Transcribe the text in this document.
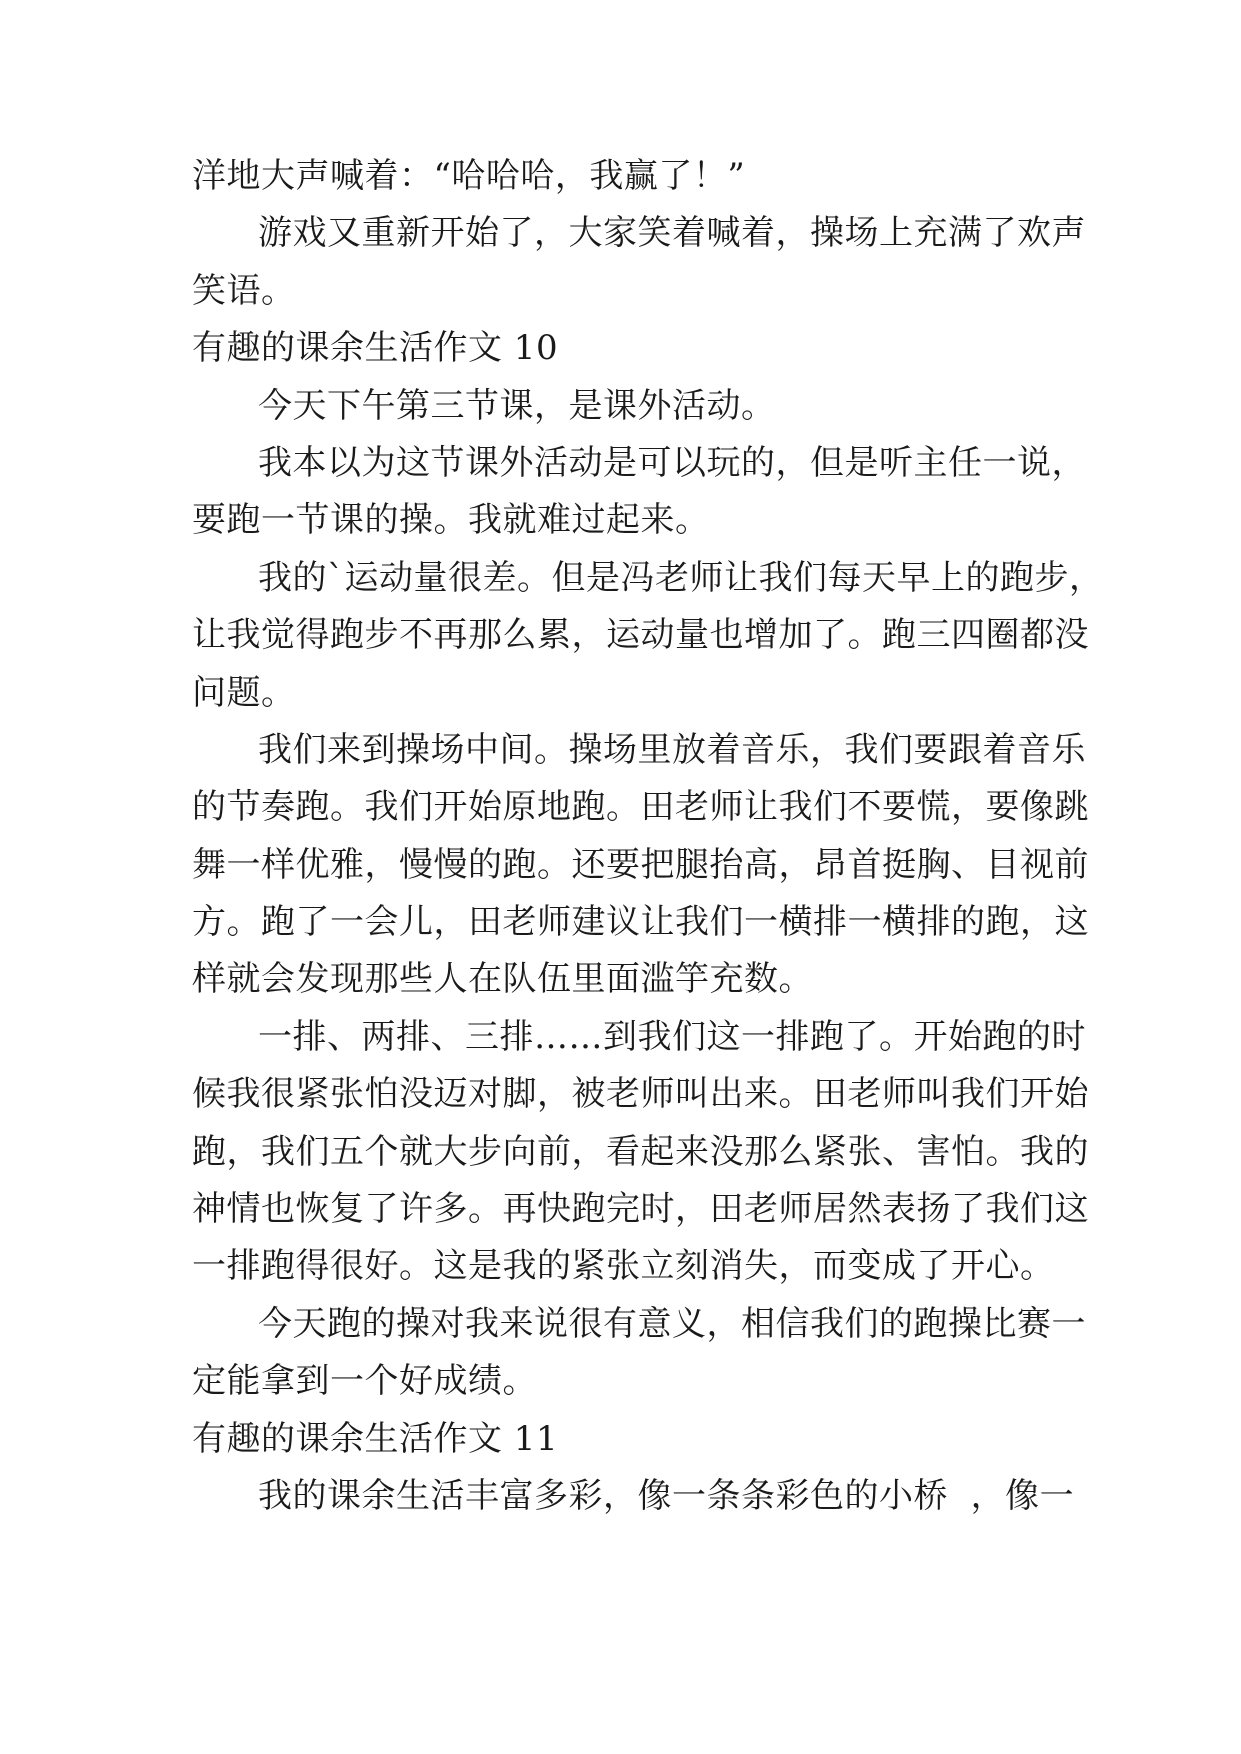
洋地大声喊着：“哈哈哈，我赢了！”
游戏又重新开始了，大家笑着喊着，操场上充满了欢声
笑语。
有趣的课余生活作文 10
今天下午第三节课，是课外活动。
我本以为这节课外活动是可以玩的，但是听主任一说，
要跑一节课的操。我就难过起来。
我的`运动量很差。但是冯老师让我们每天早上的跑步，
让我觉得跑步不再那么累，运动量也增加了。跑三四圈都没
问题。
我们来到操场中间。操场里放着音乐，我们要跟着音乐
的节奏跑。我们开始原地跑。田老师让我们不要慌，要像跳
舞一样优雅，慢慢的跑。还要把腿抬高，昂首挺胸、目视前
方。跑了一会儿，田老师建议让我们一横排一横排的跑，这
样就会发现那些人在队伍里面滥竽充数。
一排、两排、三排……到我们这一排跑了。开始跑的时
候我很紧张怕没迈对脚，被老师叫出来。田老师叫我们开始
跑，我们五个就大步向前，看起来没那么紧张、害怕。我的
神情也恢复了许多。再快跑完时，田老师居然表扬了我们这
一排跑得很好。这是我的紧张立刻消失，而变成了开心。
今天跑的操对我来说很有意义，相信我们的跑操比赛一
定能拿到一个好成绩。
有趣的课余生活作文 11
我的课余生活丰富多彩，像一条条彩色的小桥  ，像一
